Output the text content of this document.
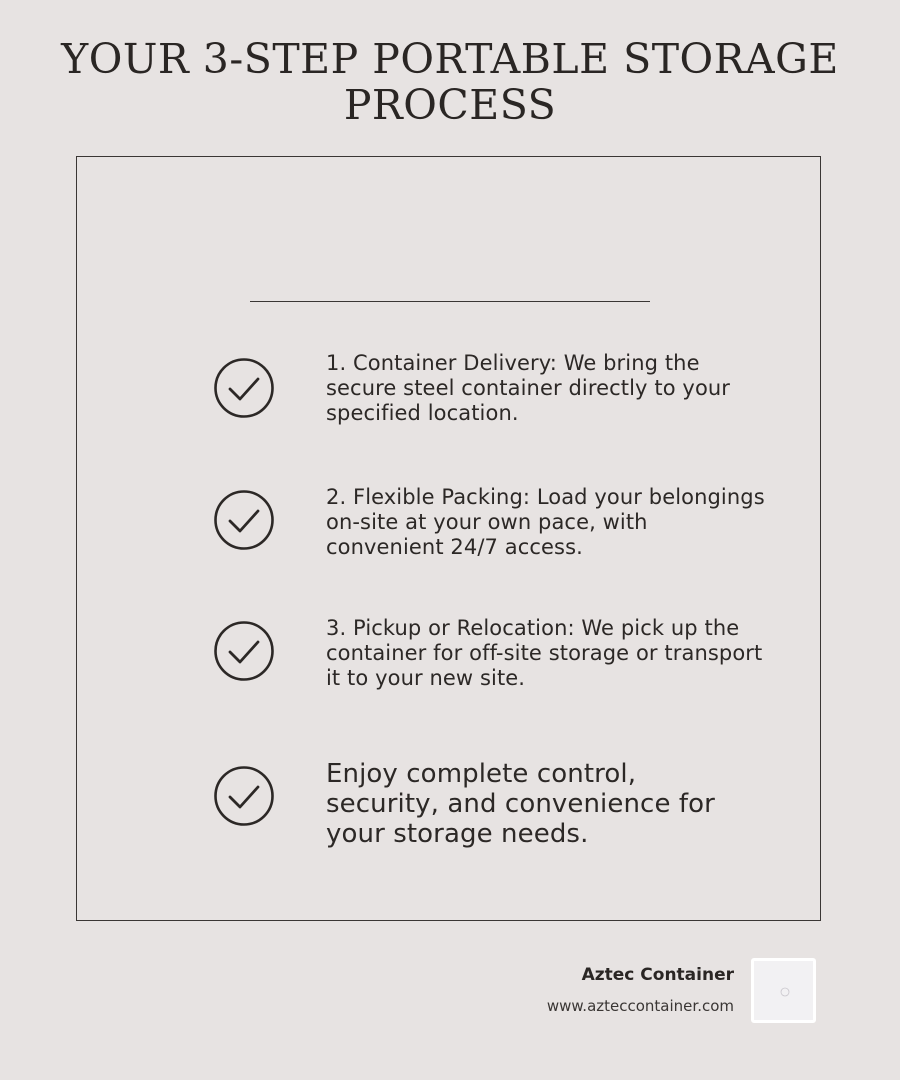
YOUR 3-STEP PORTABLE STORAGE PROCESS

1. Container Delivery: We bring the secure steel container directly to your specified location.

2. Flexible Packing: Load your belongings on-site at your own pace, with convenient 24/7 access.

3. Pickup or Relocation: We pick up the container for off-site storage or transport it to your new site.

Enjoy complete control, security, and convenience for your storage needs.

Aztec Container
www.azteccontainer.com
